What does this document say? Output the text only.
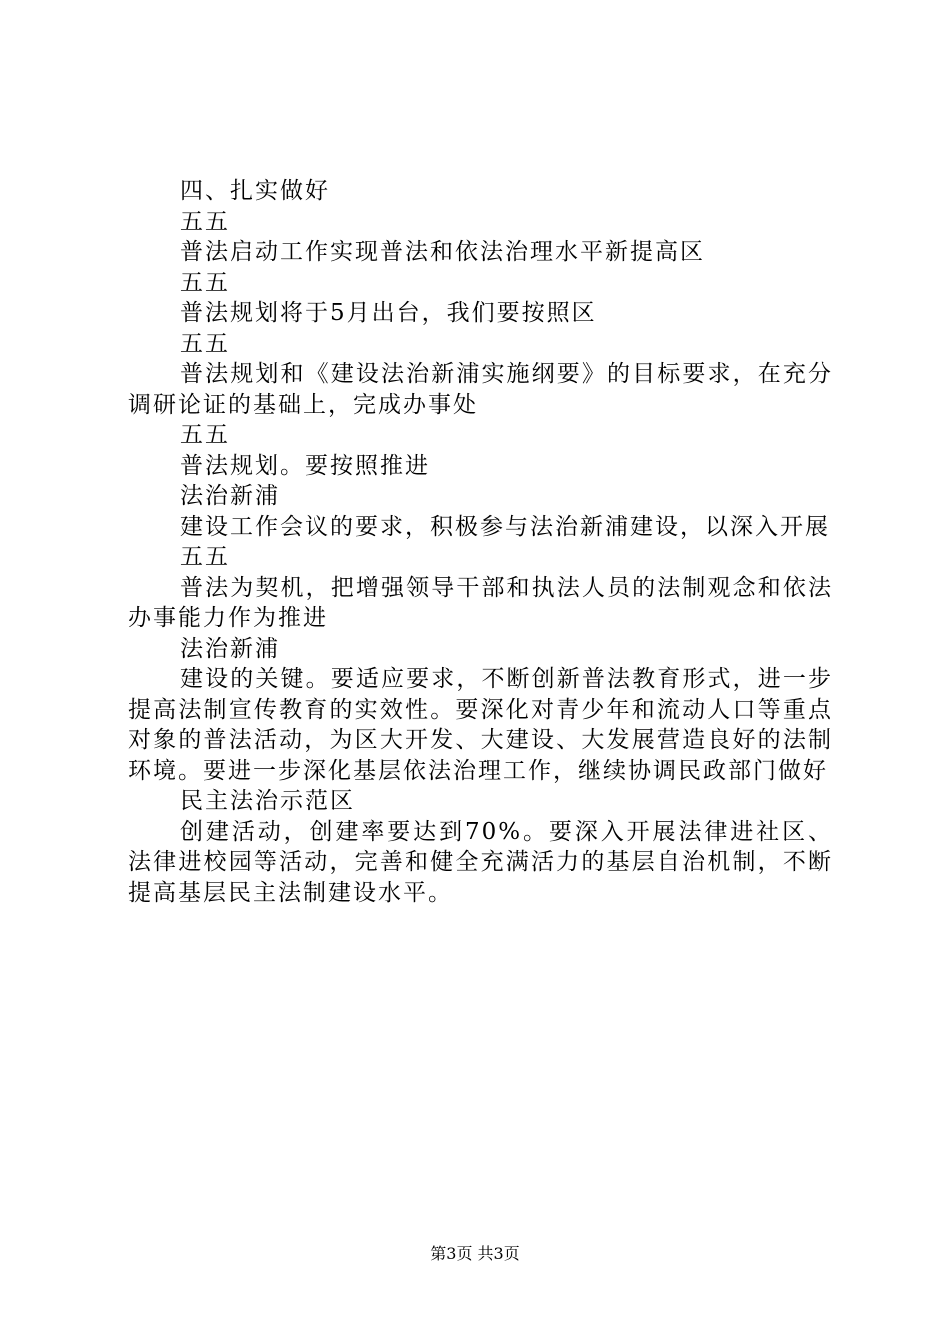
四、扎实做好
五五
普法启动工作实现普法和依法治理水平新提高区
五五
普法规划将于5月出台，我们要按照区
五五

普法规划和《建设法治新浦实施纲要》的目标要求，在充分调研论证的基础上，完成办事处

五五
普法规划。要按照推进
法治新浦

建设工作会议的要求，积极参与法治新浦建设，以深入开展

五五

普法为契机，把增强领导干部和执法人员的法制观念和依法办事能力作为推进

法治新浦

建设的关键。要适应要求，不断创新普法教育形式，进一步提高法制宣传教育的实效性。要深化对青少年和流动人口等重点对象的普法活动，为区大开发、大建设、大发展营造良好的法制环境。要进一步深化基层依法治理工作，继续协调民政部门做好

民主法治示范区

创建活动，创建率要达到70%。要深入开展法律进社区、法律进校园等活动，完善和健全充满活力的基层自治机制，不断提高基层民主法制建设水平。

第3页 共3页
